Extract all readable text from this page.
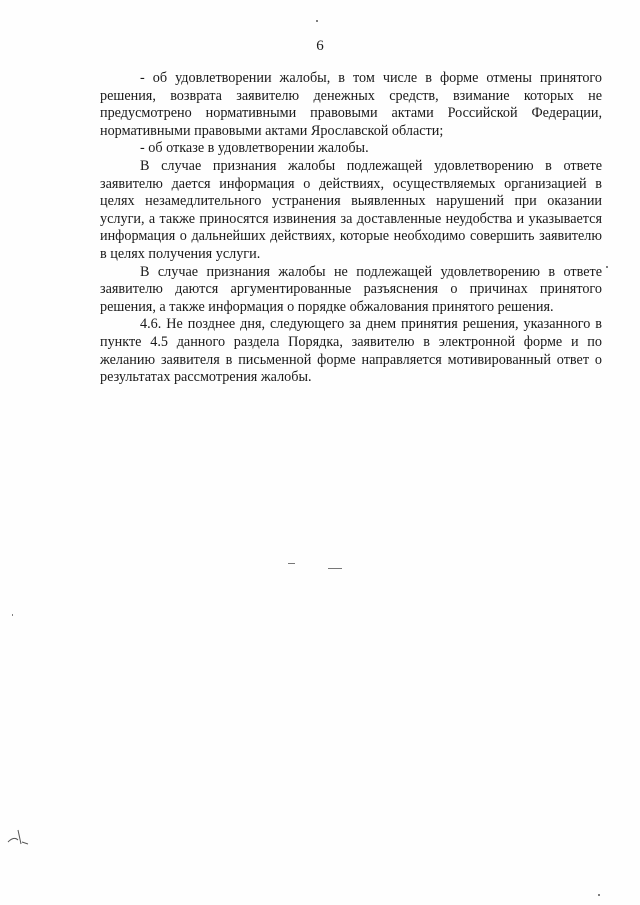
6

- об удовлетворении жалобы, в том числе в форме отмены принятого решения, возврата заявителю денежных средств, взимание которых не предусмотрено нормативными правовыми актами Российской Федерации, нормативными правовыми актами Ярославской области;

- об отказе в удовлетворении жалобы.

В случае признания жалобы подлежащей удовлетворению в ответе заявителю дается информация о действиях, осуществляемых организацией в целях незамедлительного устранения выявленных нарушений при оказании услуги, а также приносятся извинения за доставленные неудобства и указывается информация о дальнейших действиях, которые необходимо совершить заявителю в целях получения услуги.

В случае признания жалобы не подлежащей удовлетворению в ответе заявителю даются аргументированные разъяснения о причинах принятого решения, а также информация о порядке обжалования принятого решения.

4.6. Не позднее дня, следующего за днем принятия решения, указанного в пункте 4.5 данного раздела Порядка, заявителю в электронной форме и по желанию заявителя в письменной форме направляется мотивированный ответ о результатах рассмотрения жалобы.
